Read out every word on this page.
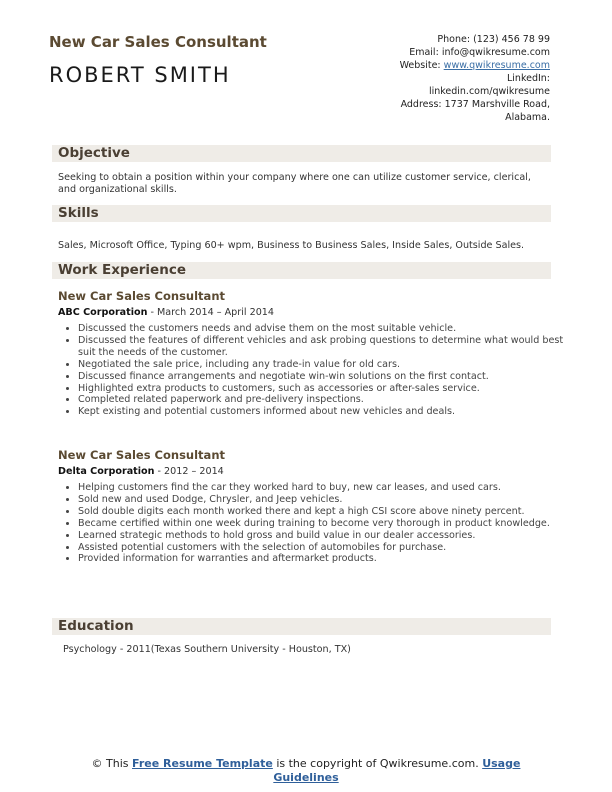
New Car Sales Consultant
ROBERT SMITH
Phone: (123) 456 78 99
Email: info@qwikresume.com
Website: www.qwikresume.com
LinkedIn:
linkedin.com/qwikresume
Address: 1737 Marshville Road,
Alabama.
Objective
Seeking to obtain a position within your company where one can utilize customer service, clerical, and organizational skills.
Skills
Sales, Microsoft Office, Typing 60+ wpm, Business to Business Sales, Inside Sales, Outside Sales.
Work Experience
New Car Sales Consultant
ABC Corporation - March 2014 – April 2014
• Discussed the customers needs and advise them on the most suitable vehicle.
• Discussed the features of different vehicles and ask probing questions to determine what would best suit the needs of the customer.
• Negotiated the sale price, including any trade-in value for old cars.
• Discussed finance arrangements and negotiate win-win solutions on the first contact.
• Highlighted extra products to customers, such as accessories or after-sales service.
• Completed related paperwork and pre-delivery inspections.
• Kept existing and potential customers informed about new vehicles and deals.
New Car Sales Consultant
Delta Corporation - 2012 – 2014
• Helping customers find the car they worked hard to buy, new car leases, and used cars.
• Sold new and used Dodge, Chrysler, and Jeep vehicles.
• Sold double digits each month worked there and kept a high CSI score above ninety percent.
• Became certified within one week during training to become very thorough in product knowledge.
• Learned strategic methods to hold gross and build value in our dealer accessories.
• Assisted potential customers with the selection of automobiles for purchase.
• Provided information for warranties and aftermarket products.
Education
Psychology - 2011(Texas Southern University - Houston, TX)
© This Free Resume Template is the copyright of Qwikresume.com. Usage
Guidelines
